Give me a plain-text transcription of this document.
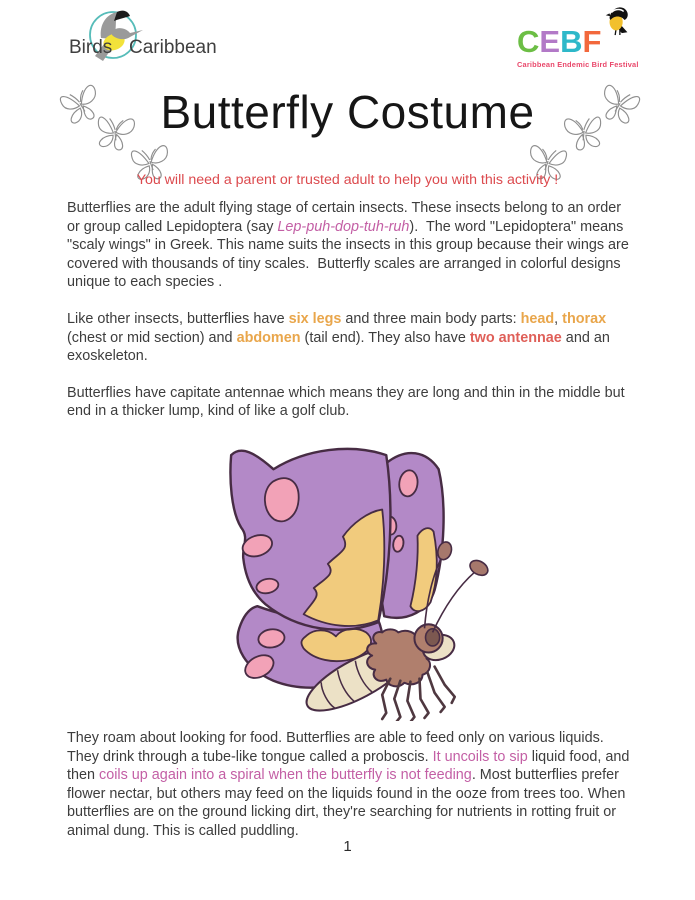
Birds Caribbean	CEBF
Caribbean Endemic Bird Festival
Butterfly Costume
You will need a parent or trusted adult to help you with this activity !

Butterflies are the adult flying stage of certain insects. These insects belong to an order or group called Lepidoptera (say Lep-puh-dop-tuh-ruh).  The word "Lepidoptera" means "scaly wings" in Greek. This name suits the insects in this group because their wings are covered with thousands of tiny scales.  Butterfly scales are arranged in colorful designs unique to each species .

Like other insects, butterflies have six legs and three main body parts: head, thorax (chest or mid section) and abdomen (tail end). They also have two antennae and an exoskeleton.

Butterflies have capitate antennae which means they are long and thin in the middle but end in a thicker lump, kind of like a golf club.

They roam about looking for food. Butterflies are able to feed only on various liquids. They drink through a tube-like tongue called a proboscis. It uncoils to sip liquid food, and then coils up again into a spiral when the butterfly is not feeding. Most butterflies prefer flower nectar, but others may feed on the liquids found in the ooze from trees too. When butterflies are on the ground licking dirt, they're searching for nutrients in rotting fruit or animal dung. This is called puddling.

1
